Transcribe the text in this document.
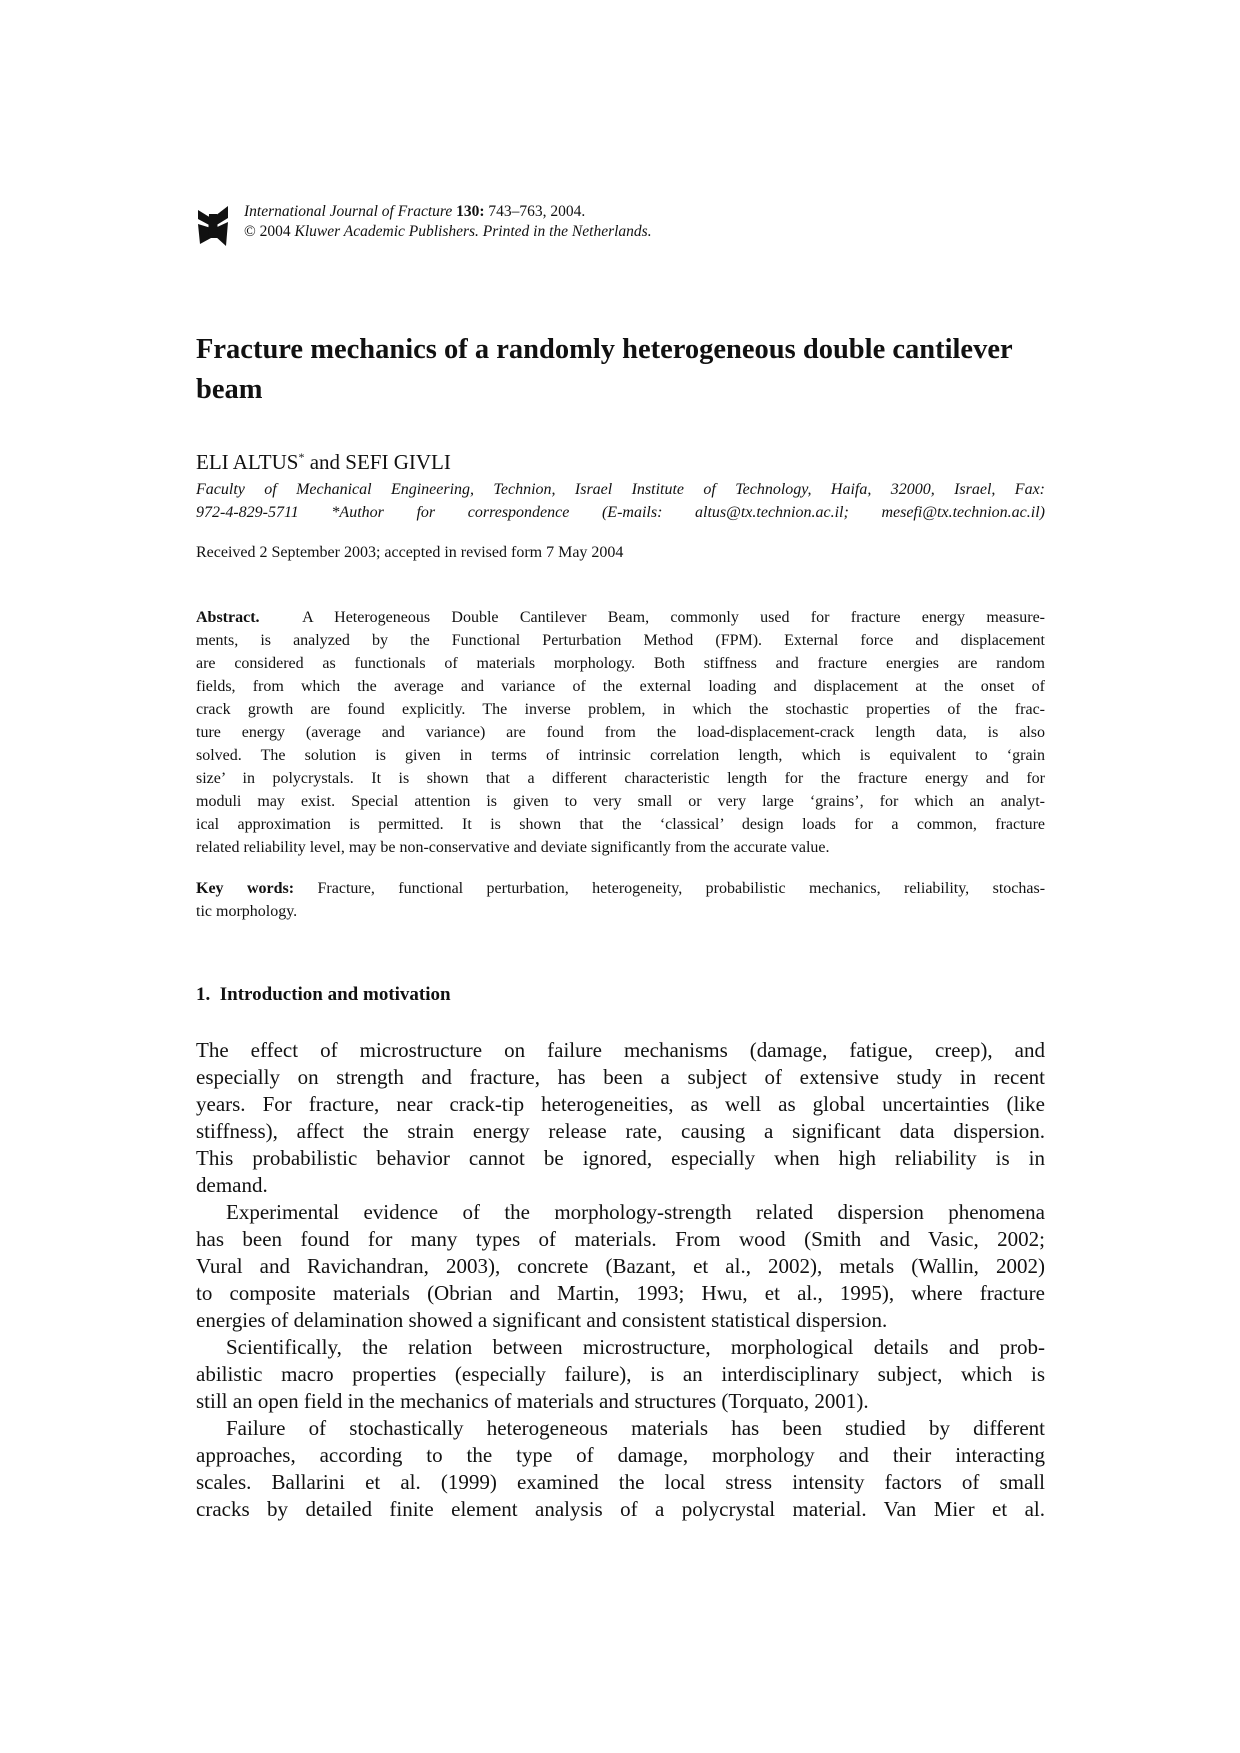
International Journal of Fracture 130: 743–763, 2004.
© 2004 Kluwer Academic Publishers. Printed in the Netherlands.
Fracture mechanics of a randomly heterogeneous double cantilever beam
ELI ALTUS* and SEFI GIVLI
Faculty of Mechanical Engineering, Technion, Israel Institute of Technology, Haifa, 32000, Israel, Fax:
972-4-829-5711 *Author for correspondence (E-mails: altus@tx.technion.ac.il; mesefi@tx.technion.ac.il)
Received 2 September 2003; accepted in revised form 7 May 2004
Abstract.	A Heterogeneous Double Cantilever Beam, commonly used for fracture energy measure-
ments, is analyzed by the Functional Perturbation Method (FPM). External force and displacement
are considered as functionals of materials morphology. Both stiffness and fracture energies are random
fields, from which the average and variance of the external loading and displacement at the onset of
crack growth are found explicitly. The inverse problem, in which the stochastic properties of the frac-
ture energy (average and variance) are found from the load-displacement-crack length data, is also
solved. The solution is given in terms of intrinsic correlation length, which is equivalent to ‘grain
size’ in polycrystals. It is shown that a different characteristic length for the fracture energy and for
moduli may exist. Special attention is given to very small or very large ‘grains’, for which an analyt-
ical approximation is permitted. It is shown that the ‘classical’ design loads for a common, fracture
related reliability level, may be non-conservative and deviate significantly from the accurate value.
Key words: Fracture, functional perturbation, heterogeneity, probabilistic mechanics, reliability, stochas-
tic morphology.
1. Introduction and motivation
The effect of microstructure on failure mechanisms (damage, fatigue, creep), and
especially on strength and fracture, has been a subject of extensive study in recent
years. For fracture, near crack-tip heterogeneities, as well as global uncertainties (like
stiffness), affect the strain energy release rate, causing a significant data dispersion.
This probabilistic behavior cannot be ignored, especially when high reliability is in
demand.
Experimental evidence of the morphology-strength related dispersion phenomena
has been found for many types of materials. From wood (Smith and Vasic, 2002;
Vural and Ravichandran, 2003), concrete (Bazant, et al., 2002), metals (Wallin, 2002)
to composite materials (Obrian and Martin, 1993; Hwu, et al., 1995), where fracture
energies of delamination showed a significant and consistent statistical dispersion.
Scientifically, the relation between microstructure, morphological details and prob-
abilistic macro properties (especially failure), is an interdisciplinary subject, which is
still an open field in the mechanics of materials and structures (Torquato, 2001).
Failure of stochastically heterogeneous materials has been studied by different
approaches, according to the type of damage, morphology and their interacting
scales. Ballarini et al. (1999) examined the local stress intensity factors of small
cracks by detailed finite element analysis of a polycrystal material. Van Mier et al.
